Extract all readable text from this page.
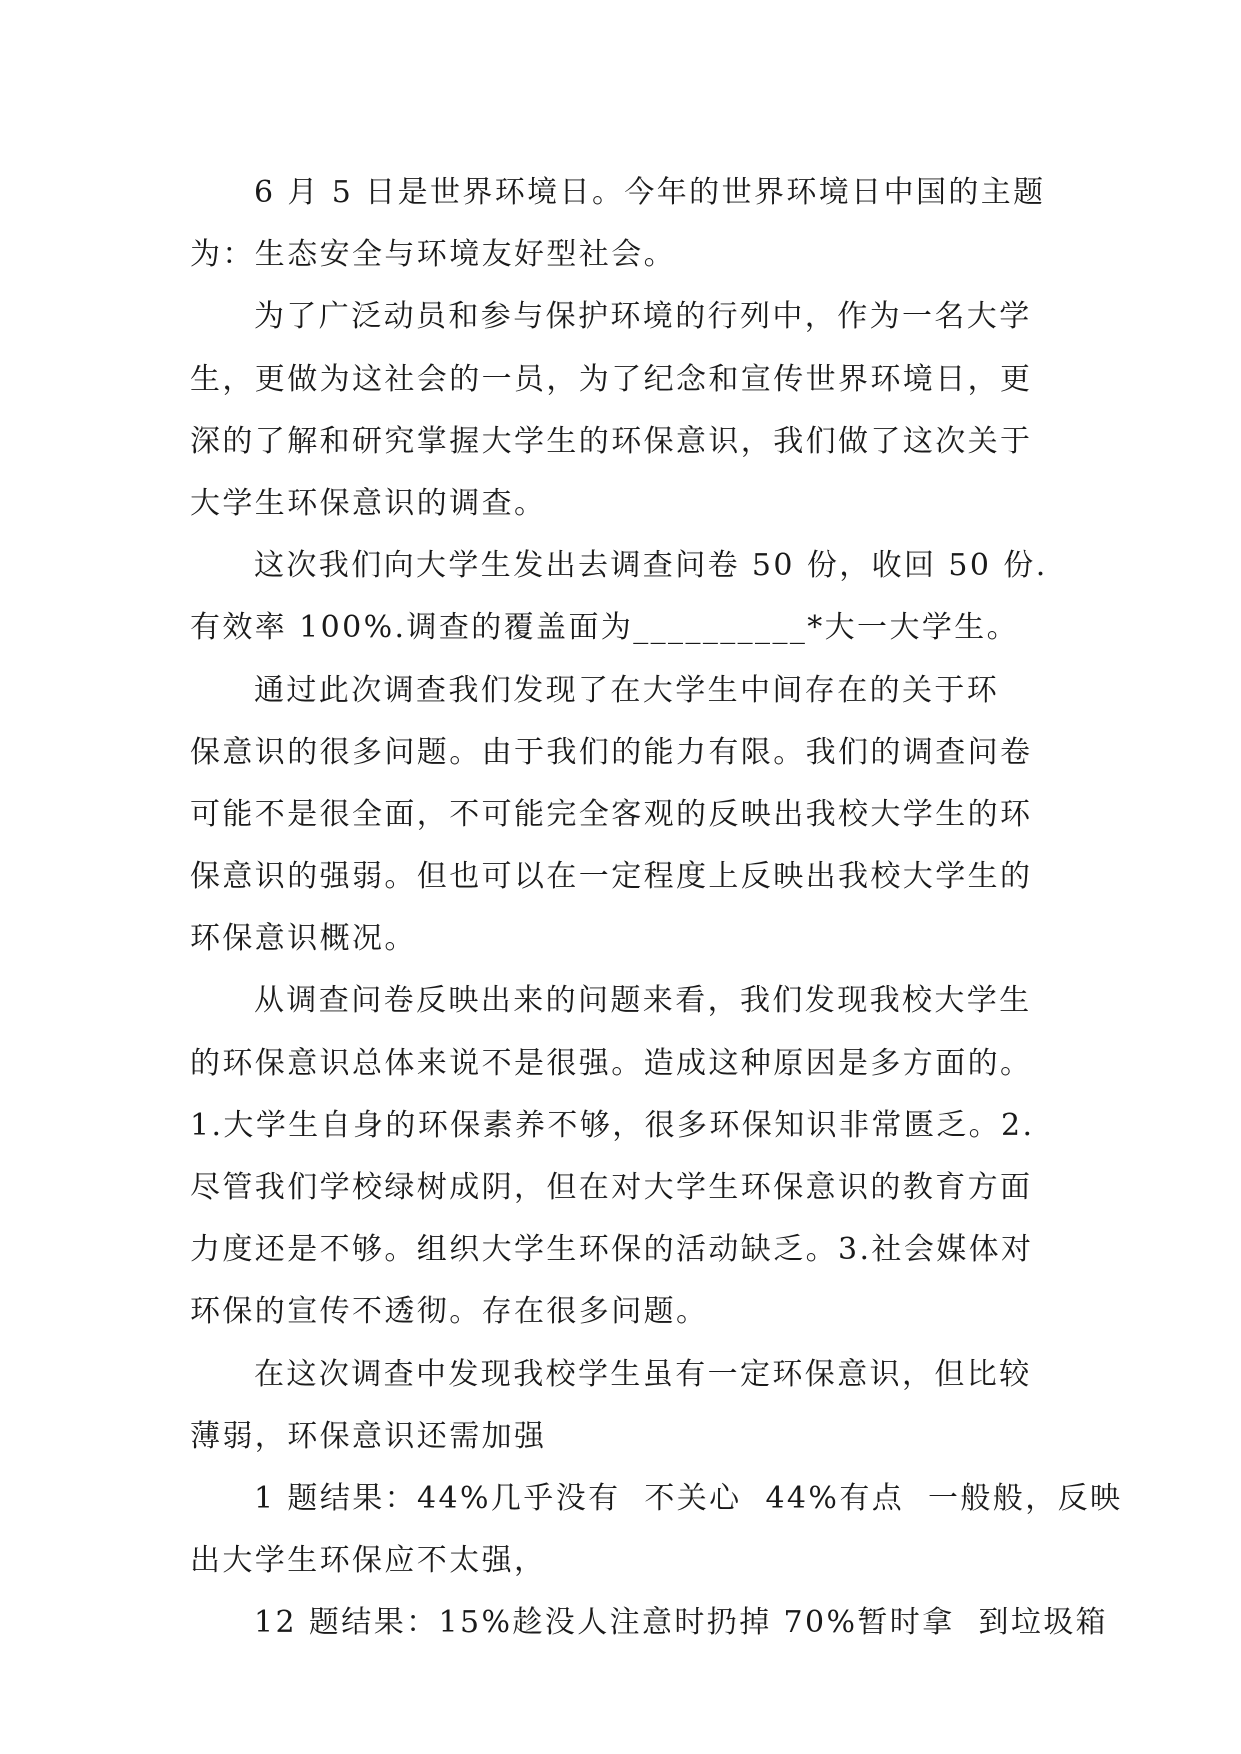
6 月 5 日是世界环境日。今年的世界环境日中国的主题
为：生态安全与环境友好型社会。
为了广泛动员和参与保护环境的行列中，作为一名大学
生，更做为这社会的一员，为了纪念和宣传世界环境日，更
深的了解和研究掌握大学生的环保意识，我们做了这次关于
大学生环保意识的调查。
这次我们向大学生发出去调查问卷 50 份，收回 50 份.
有效率 100%.调查的覆盖面为__________*大一大学生。
通过此次调查我们发现了在大学生中间存在的关于环
保意识的很多问题。由于我们的能力有限。我们的调查问卷
可能不是很全面，不可能完全客观的反映出我校大学生的环
保意识的强弱。但也可以在一定程度上反映出我校大学生的
环保意识概况。
从调查问卷反映出来的问题来看，我们发现我校大学生
的环保意识总体来说不是很强。造成这种原因是多方面的。
1.大学生自身的环保素养不够，很多环保知识非常匮乏。2.
尽管我们学校绿树成阴，但在对大学生环保意识的教育方面
力度还是不够。组织大学生环保的活动缺乏。3.社会媒体对
环保的宣传不透彻。存在很多问题。
在这次调查中发现我校学生虽有一定环保意识，但比较
薄弱，环保意识还需加强
1 题结果：44%几乎没有  不关心  44%有点  一般般，反映
出大学生环保应不太强，
12 题结果：15%趁没人注意时扔掉 70%暂时拿  到垃圾箱
